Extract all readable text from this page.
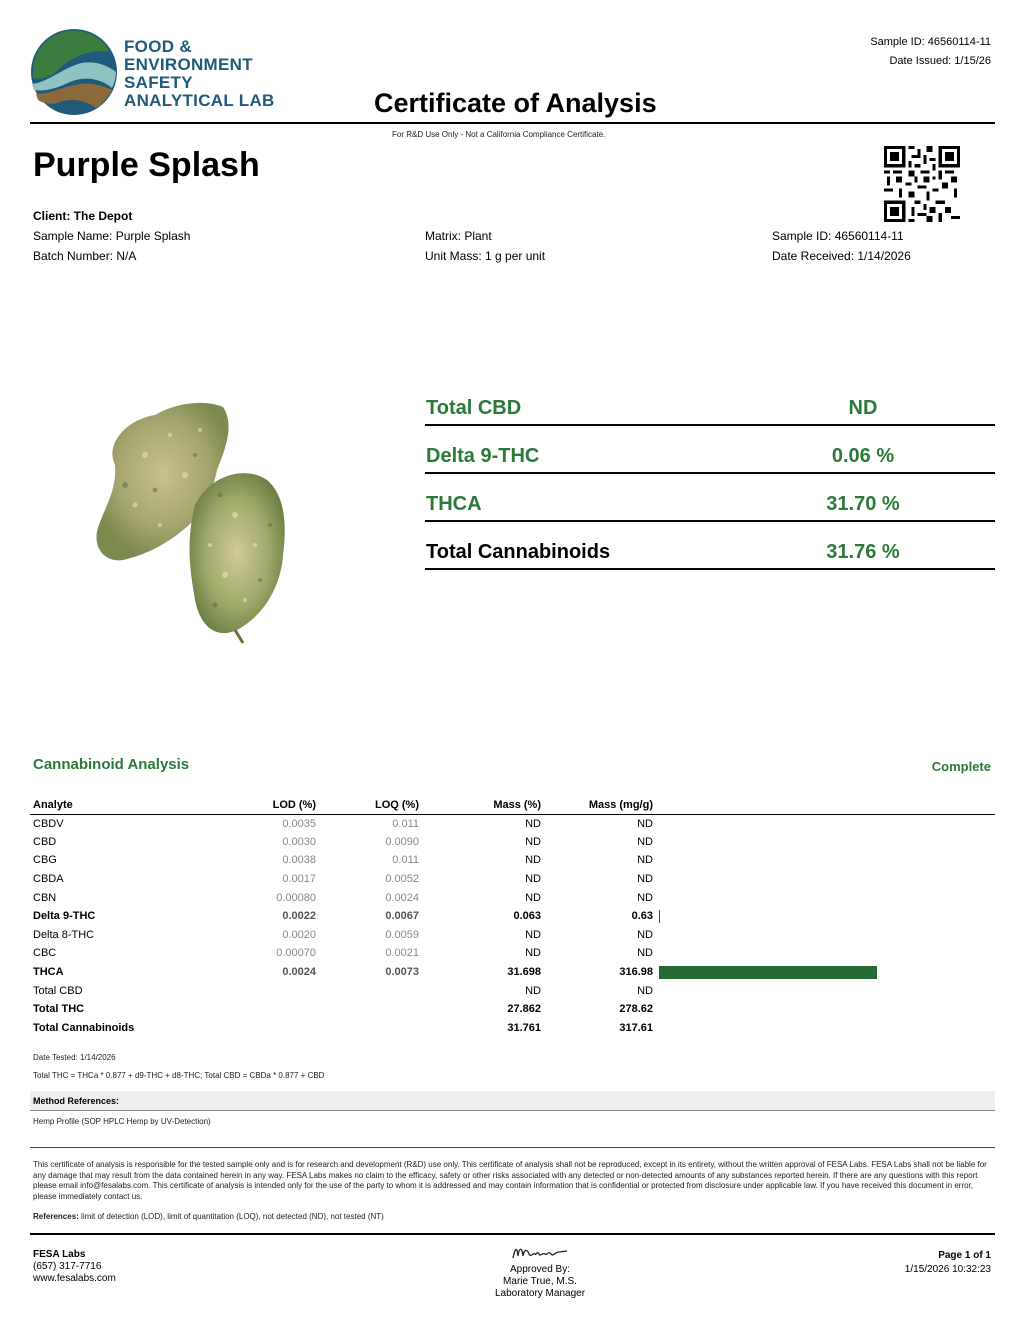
FOOD &
ENVIRONMENT
SAFETY
ANALYTICAL LAB
Sample ID: 46560114-11
Date Issued: 1/15/26
Certificate of Analysis
For R&D Use Only - Not a California Compliance Certificate.
Purple Splash
Client: The Depot
Sample Name: Purple Splash
Batch Number: N/A
Matrix: Plant
Unit Mass: 1 g per unit
Sample ID: 46560114-11
Date Received: 1/14/2026
Total CBD	ND
Delta 9-THC	0.06 %
THCA	31.70 %
Total Cannabinoids	31.76 %
Cannabinoid Analysis	Complete
Analyte	LOD (%)	LOQ (%)	Mass (%)	Mass (mg/g)	
CBDV	0.0035	0.011	ND	ND	
CBD	0.0030	0.0090	ND	ND	
CBG	0.0038	0.011	ND	ND	
CBDA	0.0017	0.0052	ND	ND	
CBN	0.00080	0.0024	ND	ND	
Delta 9-THC	0.0022	0.0067	0.063	0.63	
Delta 8-THC	0.0020	0.0059	ND	ND	
CBC	0.00070	0.0021	ND	ND	
THCA	0.0024	0.0073	31.698	316.98	
Total CBD			ND	ND	
Total THC			27.862	278.62	
Total Cannabinoids			31.761	317.61	
Date Tested: 1/14/2026
Total THC = THCa * 0.877 + d9-THC + d8-THC; Total CBD = CBDa * 0.877 + CBD
Method References:
Hemp Profile (SOP HPLC Hemp by UV-Detection)
This certificate of analysis is responsible for the tested sample only and is for research and development (R&D) use only. This certificate of analysis shall not be reproduced, except in its entirety, without the written approval of FESA Labs. FESA Labs shall not be liable for any damage that may result from the data contained herein in any way. FESA Labs makes no claim to the efficacy, safety or other risks associated with any detected or non-detected amounts of any substances reported herein. If there are any questions with this report please email info@fesalabs.com. This certificate of analysis is intended only for the use of the party to whom it is addressed and may contain information that is confidential or protected from disclosure under applicable law. If you have received this document in error, please immediately contact us.
References: limit of detection (LOD), limit of quantitation (LOQ), not detected (ND), not tested (NT)
FESA Labs
(657) 317-7716
www.fesalabs.com
Approved By:
Marie True, M.S.
Laboratory Manager
Page 1 of 1
1/15/2026 10:32:23
